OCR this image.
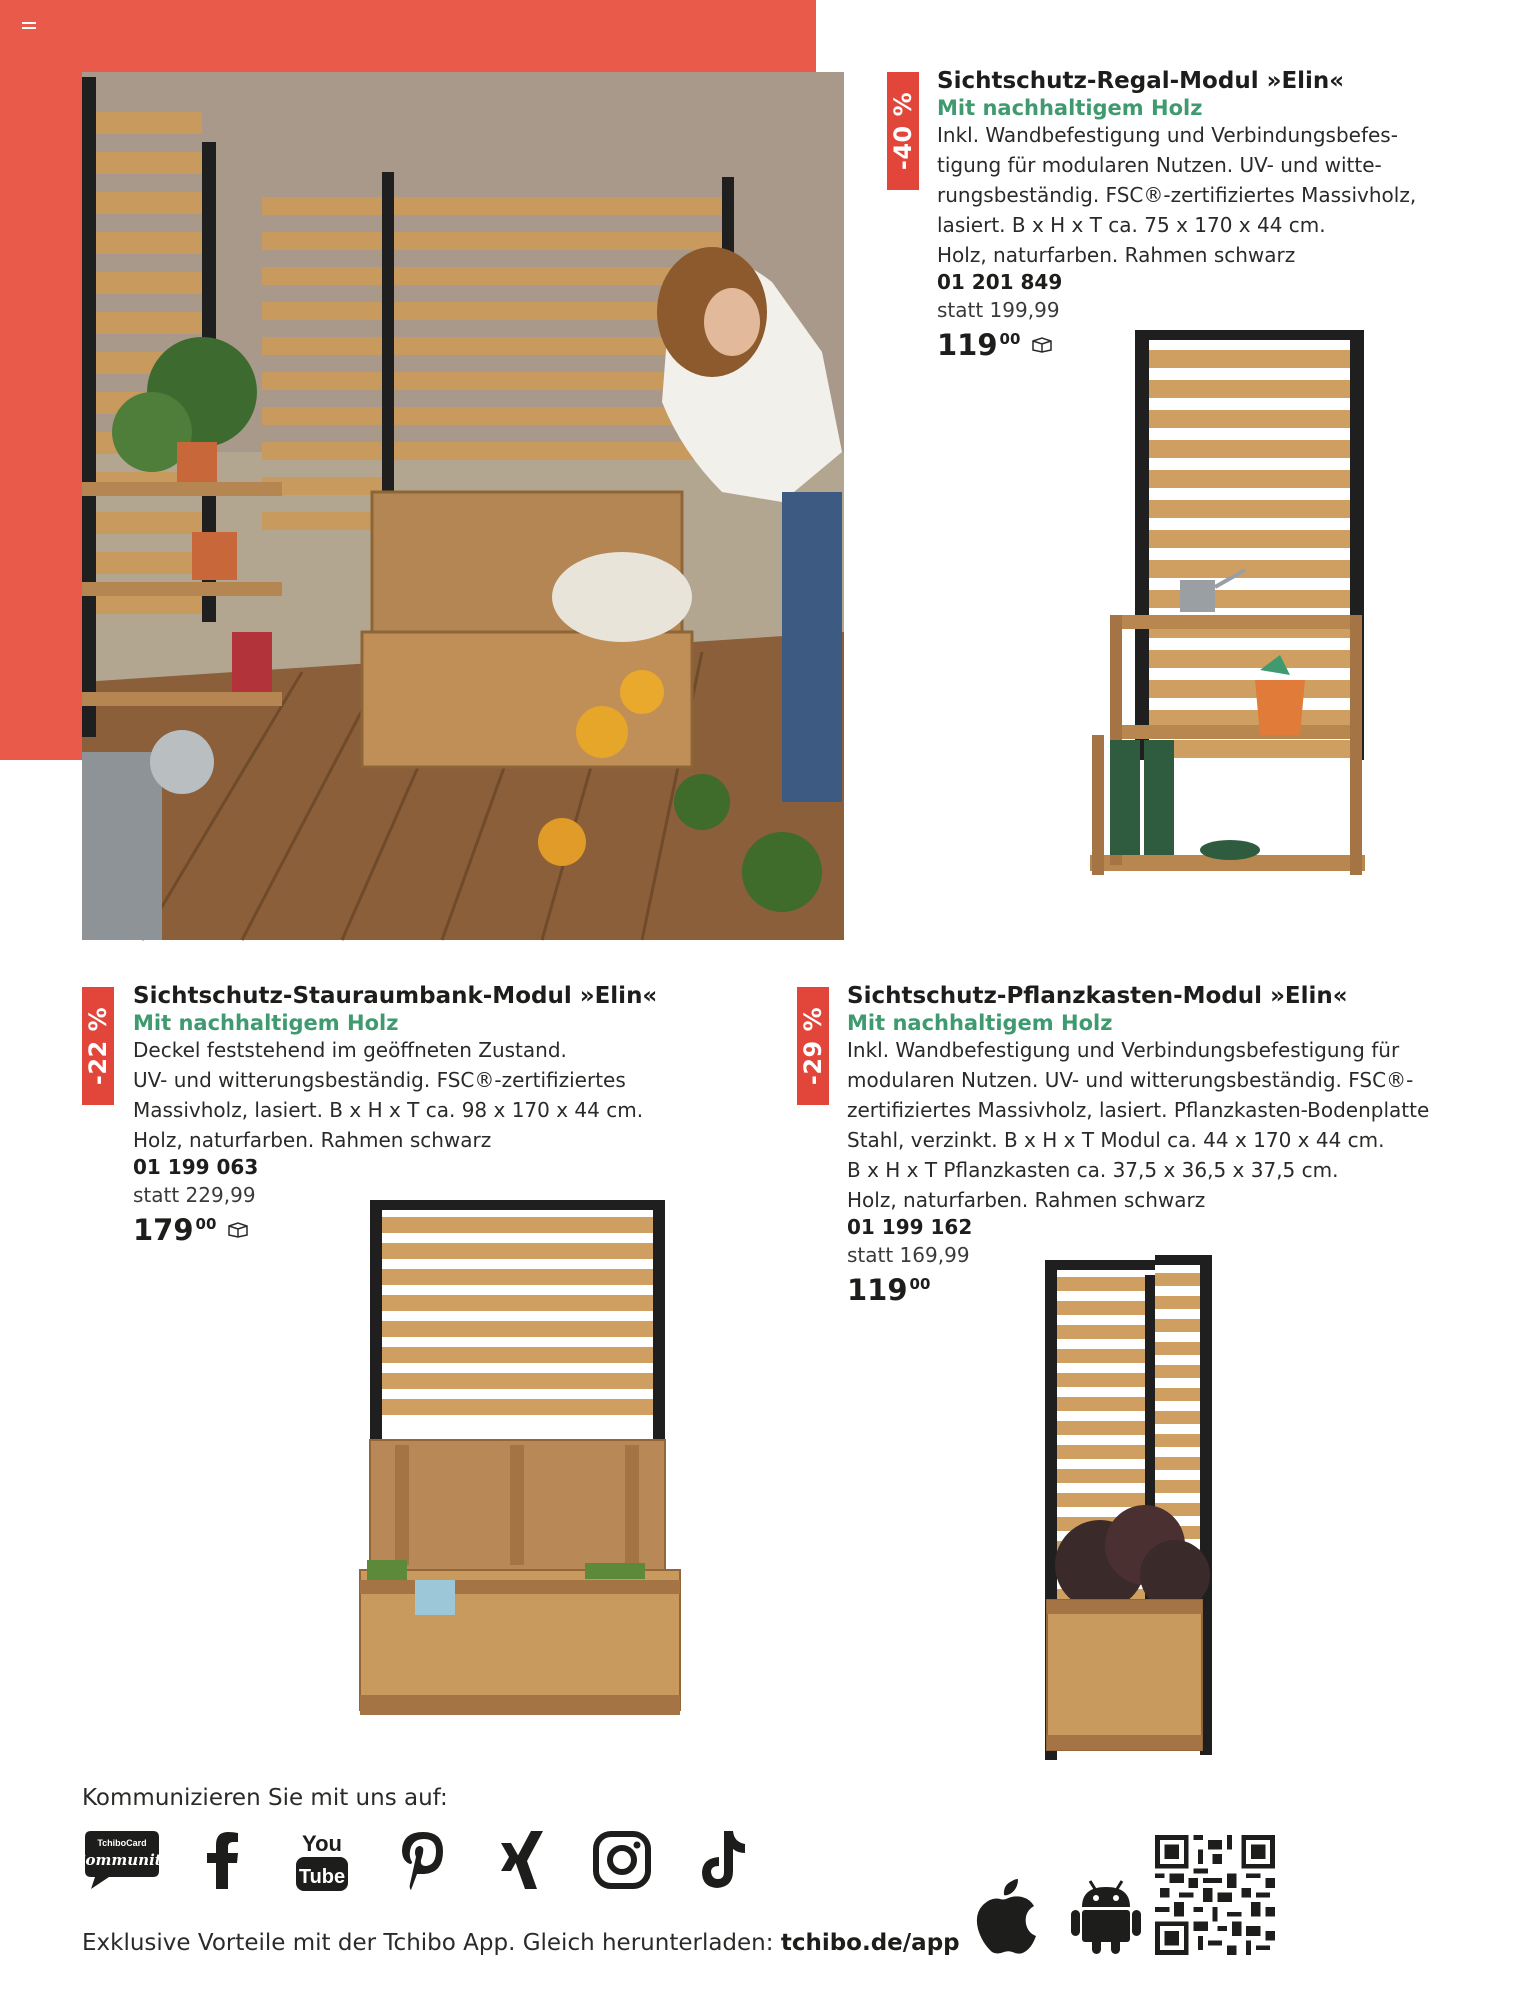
-40 %
Sichtschutz-Regal-Modul »Elin«
Mit nachhaltigem Holz
Inkl. Wandbefestigung und Verbindungsbefes-
tigung für modularen Nutzen. UV- und witte-
rungsbeständig. FSC®-zertifiziertes Massivholz,
lasiert. B x H x T ca. 75 x 170 x 44 cm.
Holz, naturfarben. Rahmen schwarz
01 201 849
statt 199,99
119 00
-22 %
Sichtschutz-Stauraumbank-Modul »Elin«
Mit nachhaltigem Holz
Deckel feststehend im geöffneten Zustand.
UV- und witterungsbeständig. FSC®-zertifiziertes
Massivholz, lasiert. B x H x T ca. 98 x 170 x 44 cm.
Holz, naturfarben. Rahmen schwarz
01 199 063
statt 229,99
179 00
-29 %
Sichtschutz-Pflanzkasten-Modul »Elin«
Mit nachhaltigem Holz
Inkl. Wandbefestigung und Verbindungsbefestigung für
modularen Nutzen. UV- und witterungsbeständig. FSC®-
zertifiziertes Massivholz, lasiert. Pflanzkasten-Bodenplatte
Stahl, verzinkt. B x H x T Modul ca. 44 x 170 x 44 cm.
B x H x T Pflanzkasten ca. 37,5 x 36,5 x 37,5 cm.
Holz, naturfarben. Rahmen schwarz
01 199 162
statt 169,99
119 00
Kommunizieren Sie mit uns auf:
TchiboCard
Community
You
Tube
Exklusive Vorteile mit der Tchibo App. Gleich herunterladen: tchibo.de/app
